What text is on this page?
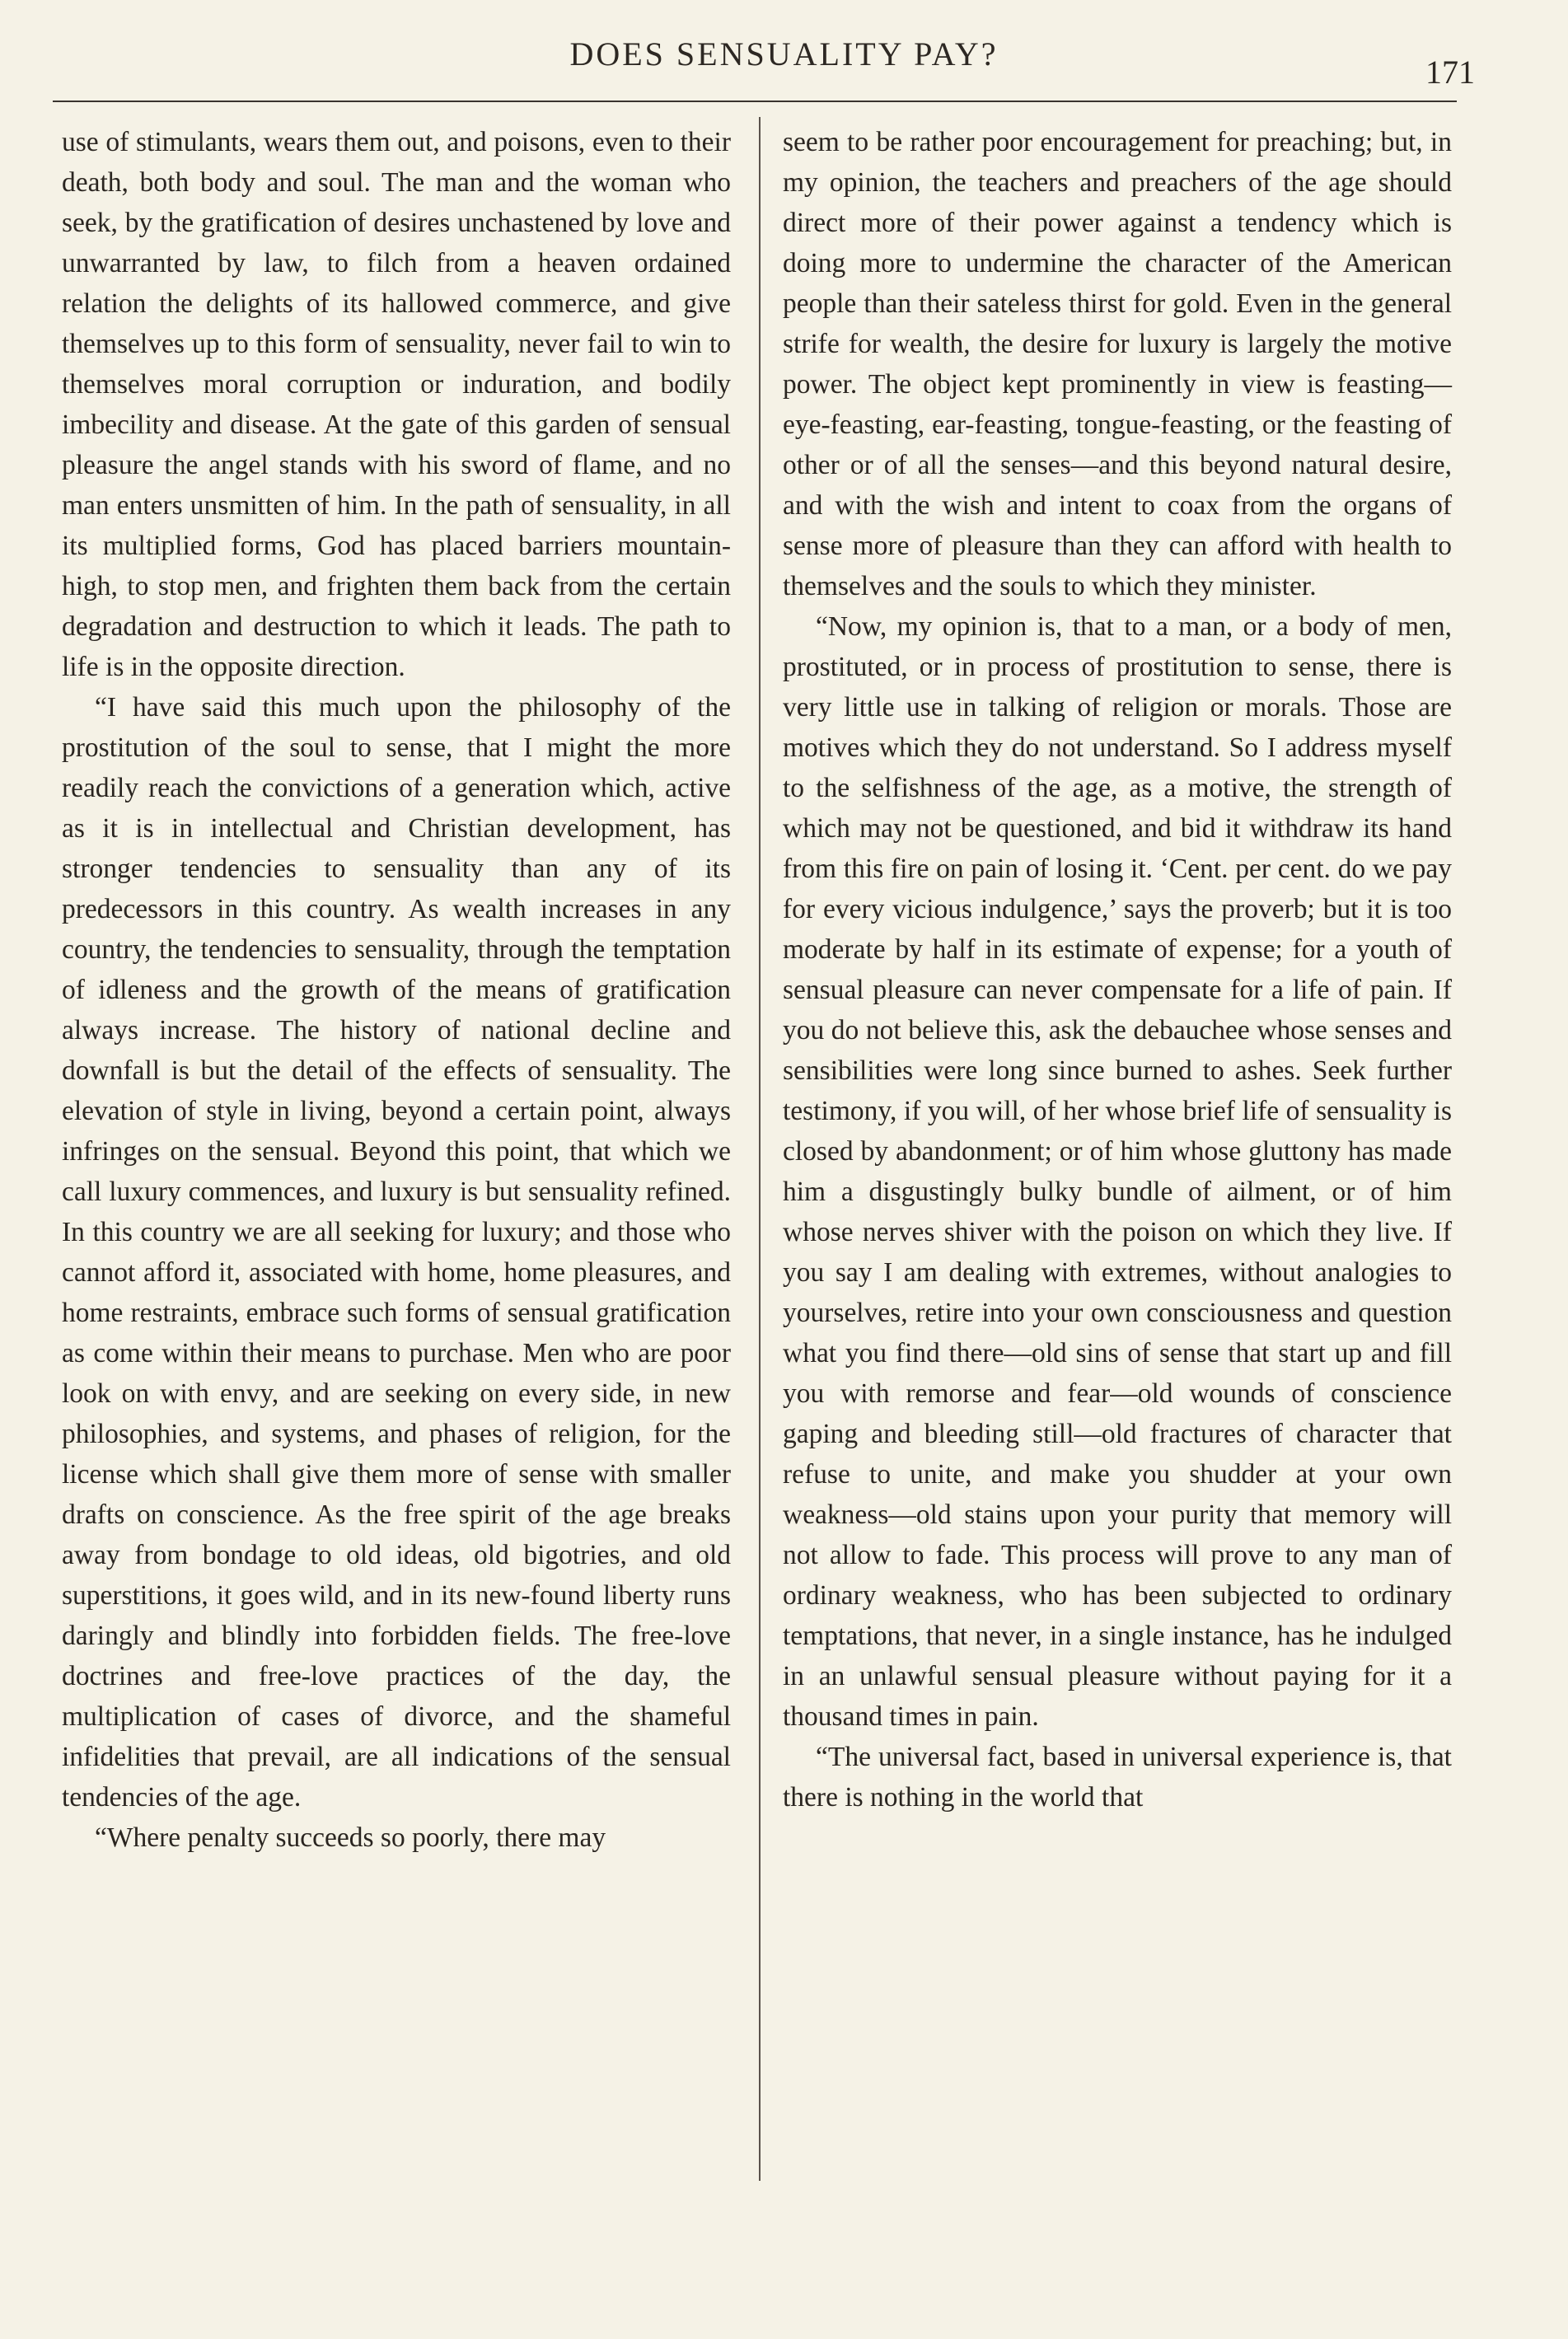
DOES SENSUALITY PAY?	171

use of stimulants, wears them out, and poisons, even to their death, both body and soul. The man and the woman who seek, by the gratification of desires unchastened by love and unwarranted by law, to filch from a heaven ordained relation the delights of its hallowed commerce, and give themselves up to this form of sensuality, never fail to win to themselves moral corruption or induration, and bodily imbecility and disease. At the gate of this garden of sensual pleasure the angel stands with his sword of flame, and no man enters unsmitten of him. In the path of sensuality, in all its multiplied forms, God has placed barriers mountain-high, to stop men, and frighten them back from the certain degradation and destruction to which it leads. The path to life is in the opposite direction.

“I have said this much upon the philosophy of the prostitution of the soul to sense, that I might the more readily reach the convictions of a generation which, active as it is in intellectual and Christian development, has stronger tendencies to sensuality than any of its predecessors in this country. As wealth increases in any country, the tendencies to sensuality, through the temptation of idleness and the growth of the means of gratification always increase. The history of national decline and downfall is but the detail of the effects of sensuality. The elevation of style in living, beyond a certain point, always infringes on the sensual. Beyond this point, that which we call luxury commences, and luxury is but sensuality refined. In this country we are all seeking for luxury; and those who cannot afford it, associated with home, home pleasures, and home restraints, embrace such forms of sensual gratification as come within their means to purchase. Men who are poor look on with envy, and are seeking on every side, in new philosophies, and systems, and phases of religion, for the license which shall give them more of sense with smaller drafts on conscience. As the free spirit of the age breaks away from bondage to old ideas, old bigotries, and old superstitions, it goes wild, and in its new-found liberty runs daringly and blindly into forbidden fields. The free-love doctrines and free-love practices of the day, the multiplication of cases of divorce, and the shameful infidelities that prevail, are all indications of the sensual tendencies of the age.

“Where penalty succeeds so poorly, there may

seem to be rather poor encouragement for preaching; but, in my opinion, the teachers and preachers of the age should direct more of their power against a tendency which is doing more to undermine the character of the American people than their sateless thirst for gold. Even in the general strife for wealth, the desire for luxury is largely the motive power. The object kept prominently in view is feasting—eye-feasting, ear-feasting, tongue-feasting, or the feasting of other or of all the senses—and this beyond natural desire, and with the wish and intent to coax from the organs of sense more of pleasure than they can afford with health to themselves and the souls to which they minister.

“Now, my opinion is, that to a man, or a body of men, prostituted, or in process of prostitution to sense, there is very little use in talking of religion or morals. Those are motives which they do not understand. So I address myself to the selfishness of the age, as a motive, the strength of which may not be questioned, and bid it withdraw its hand from this fire on pain of losing it. ‘Cent. per cent. do we pay for every vicious indulgence,’ says the proverb; but it is too moderate by half in its estimate of expense; for a youth of sensual pleasure can never compensate for a life of pain. If you do not believe this, ask the debauchee whose senses and sensibilities were long since burned to ashes. Seek further testimony, if you will, of her whose brief life of sensuality is closed by abandonment; or of him whose gluttony has made him a disgustingly bulky bundle of ailment, or of him whose nerves shiver with the poison on which they live. If you say I am dealing with extremes, without analogies to yourselves, retire into your own consciousness and question what you find there—old sins of sense that start up and fill you with remorse and fear—old wounds of conscience gaping and bleeding still—old fractures of character that refuse to unite, and make you shudder at your own weakness—old stains upon your purity that memory will not allow to fade. This process will prove to any man of ordinary weakness, who has been subjected to ordinary temptations, that never, in a single instance, has he indulged in an unlawful sensual pleasure without paying for it a thousand times in pain.

“The universal fact, based in universal experience is, that there is nothing in the world that
